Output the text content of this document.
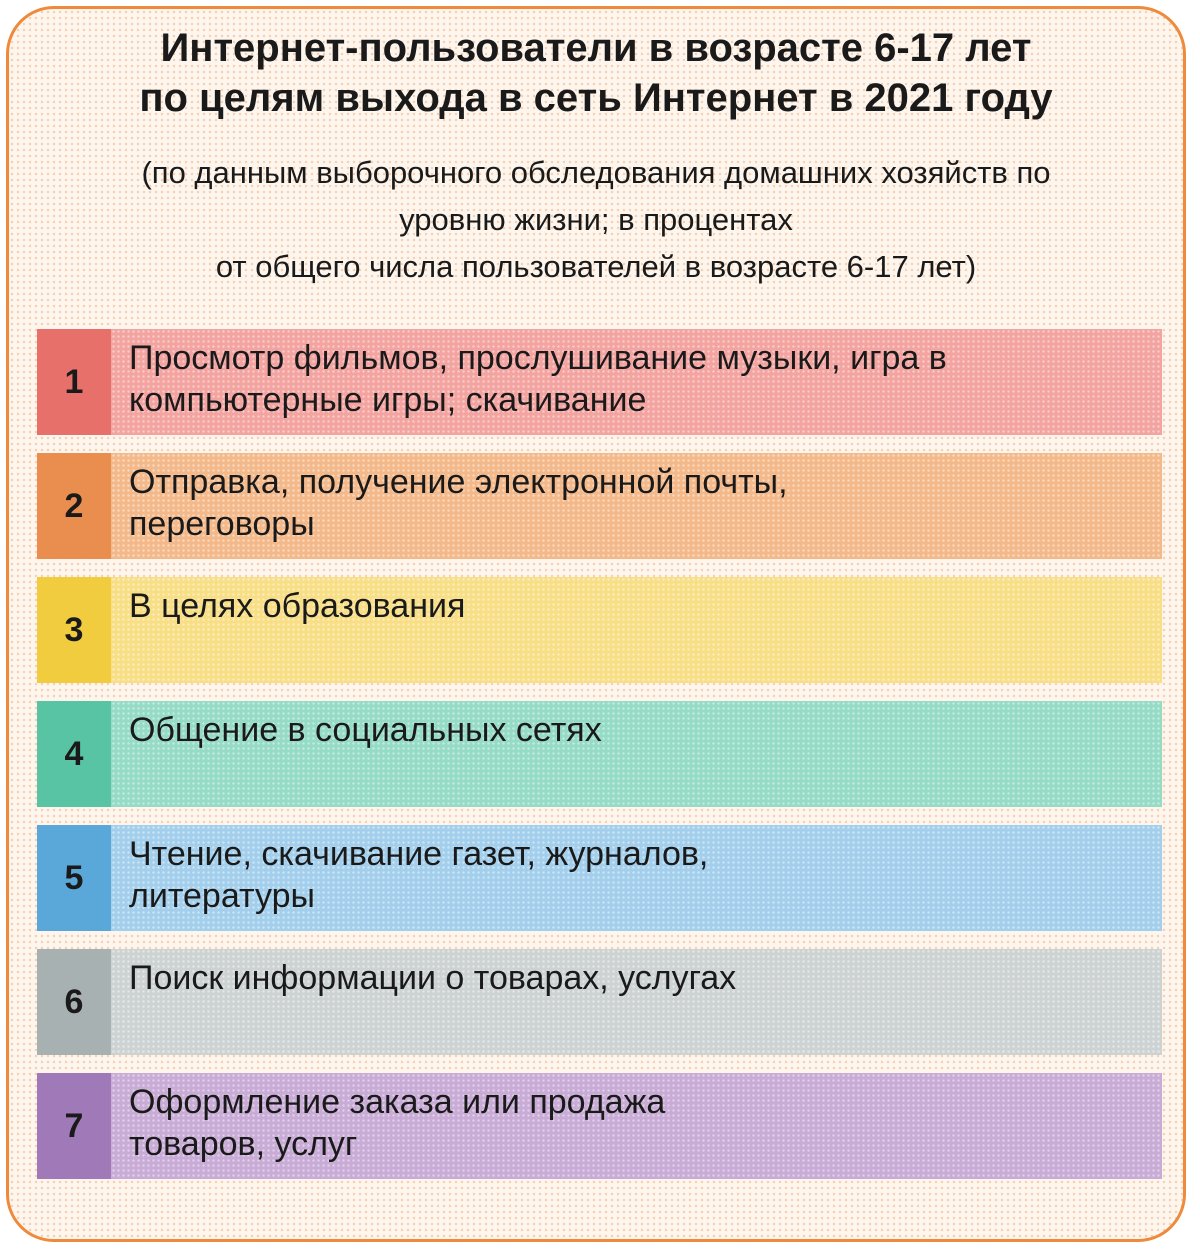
Интернет-пользователи в возрасте 6-17 лет
по целям выхода в сеть Интернет в 2021 году
(по данным выборочного обследования домашних хозяйств по
уровню жизни; в процентах
от общего числа пользователей в возрасте 6-17 лет)
1
Просмотр фильмов, прослушивание музыки, игра в
компьютерные игры; скачивание
2
Отправка, получение электронной почты,
переговоры
3
В целях образования
4
Общение в социальных сетях
5
Чтение, скачивание газет, журналов,
литературы
6
Поиск информации о товарах, услугах
7
Оформление заказа или продажа
товаров, услуг
